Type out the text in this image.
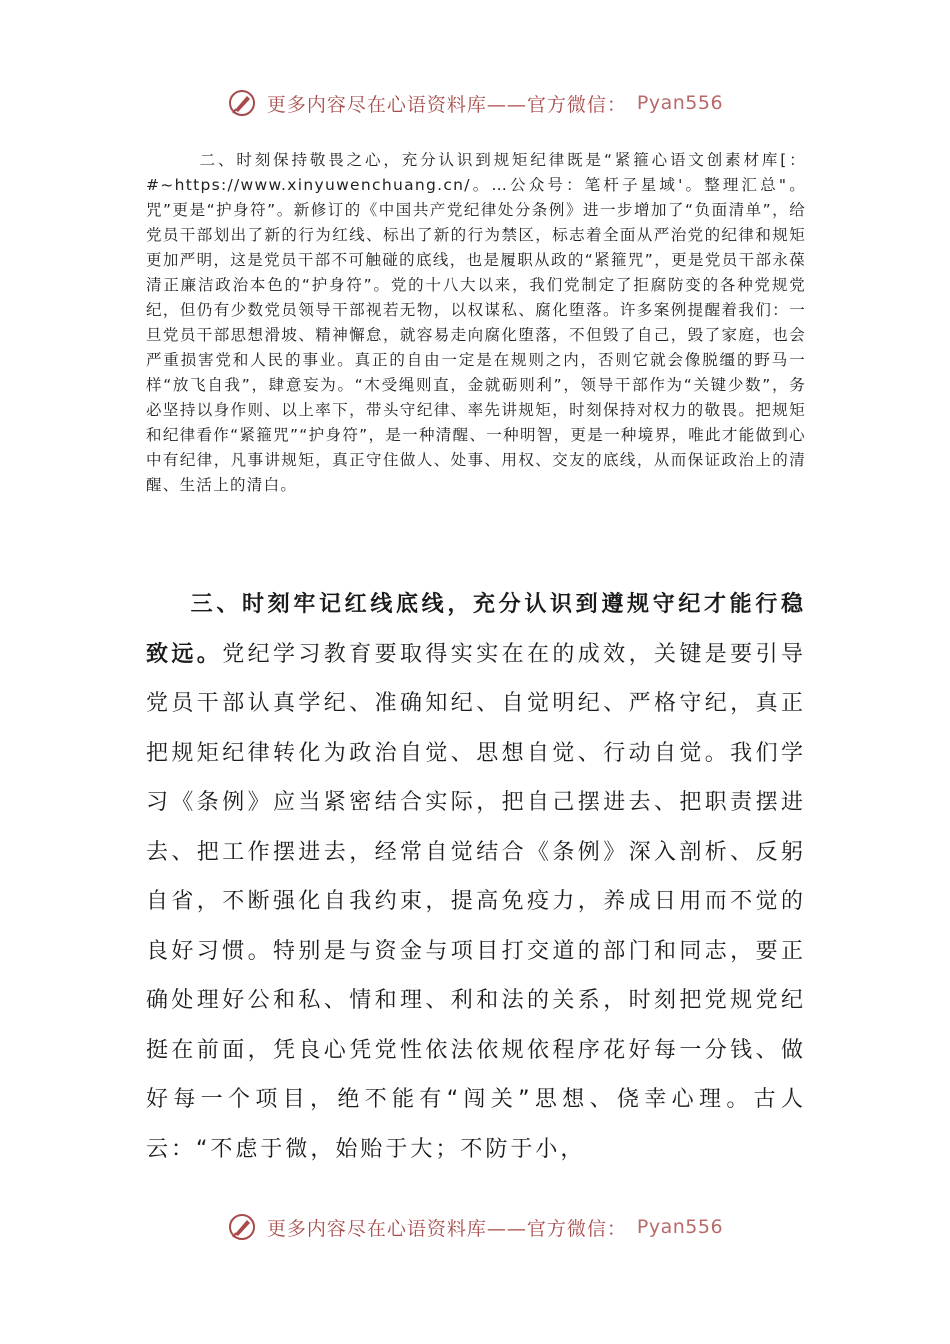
更多内容尽在心语资料库——官方微信： Pyan556

二、时刻保持敬畏之心，充分认识到规矩纪律既是“紧箍心语文创素材库[：#~https://www.xinyuwenchuang.cn/。…公众号：笔杆子星域'。整理汇总"。咒”更是“护身符”。新修订的《中国共产党纪律处分条例》进一步增加了“负面清单”，给党员干部划出了新的行为红线、标出了新的行为禁区，标志着全面从严治党的纪律和规矩更加严明，这是党员干部不可触碰的底线，也是履职从政的“紧箍咒”，更是党员干部永葆清正廉洁政治本色的“护身符”。党的十八大以来，我们党制定了拒腐防变的各种党规党纪，但仍有少数党员领导干部视若无物，以权谋私、腐化堕落。许多案例提醒着我们：一旦党员干部思想滑坡、精神懈怠，就容易走向腐化堕落，不但毁了自己，毁了家庭，也会严重损害党和人民的事业。真正的自由一定是在规则之内，否则它就会像脱缰的野马一样“放飞自我”，肆意妄为。“木受绳则直，金就砺则利”，领导干部作为“关键少数”，务必坚持以身作则、以上率下，带头守纪律、率先讲规矩，时刻保持对权力的敬畏。把规矩和纪律看作“紧箍咒”“护身符”，是一种清醒、一种明智，更是一种境界，唯此才能做到心中有纪律，凡事讲规矩，真正守住做人、处事、用权、交友的底线，从而保证政治上的清醒、生活上的清白。

三、时刻牢记红线底线，充分认识到遵规守纪才能行稳致远。党纪学习教育要取得实实在在的成效，关键是要引导党员干部认真学纪、准确知纪、自觉明纪、严格守纪，真正把规矩纪律转化为政治自觉、思想自觉、行动自觉。我们学习《条例》应当紧密结合实际，把自己摆进去、把职责摆进去、把工作摆进去，经常自觉结合《条例》深入剖析、反躬自省，不断强化自我约束，提高免疫力，养成日用而不觉的良好习惯。特别是与资金与项目打交道的部门和同志，要正确处理好公和私、情和理、利和法的关系，时刻把党规党纪挺在前面，凭良心凭党性依法依规依程序花好每一分钱、做好每一个项目，绝不能有“闯关”思想、侥幸心理。古人云：“不虑于微，始贻于大；不防于小，

更多内容尽在心语资料库——官方微信： Pyan556
